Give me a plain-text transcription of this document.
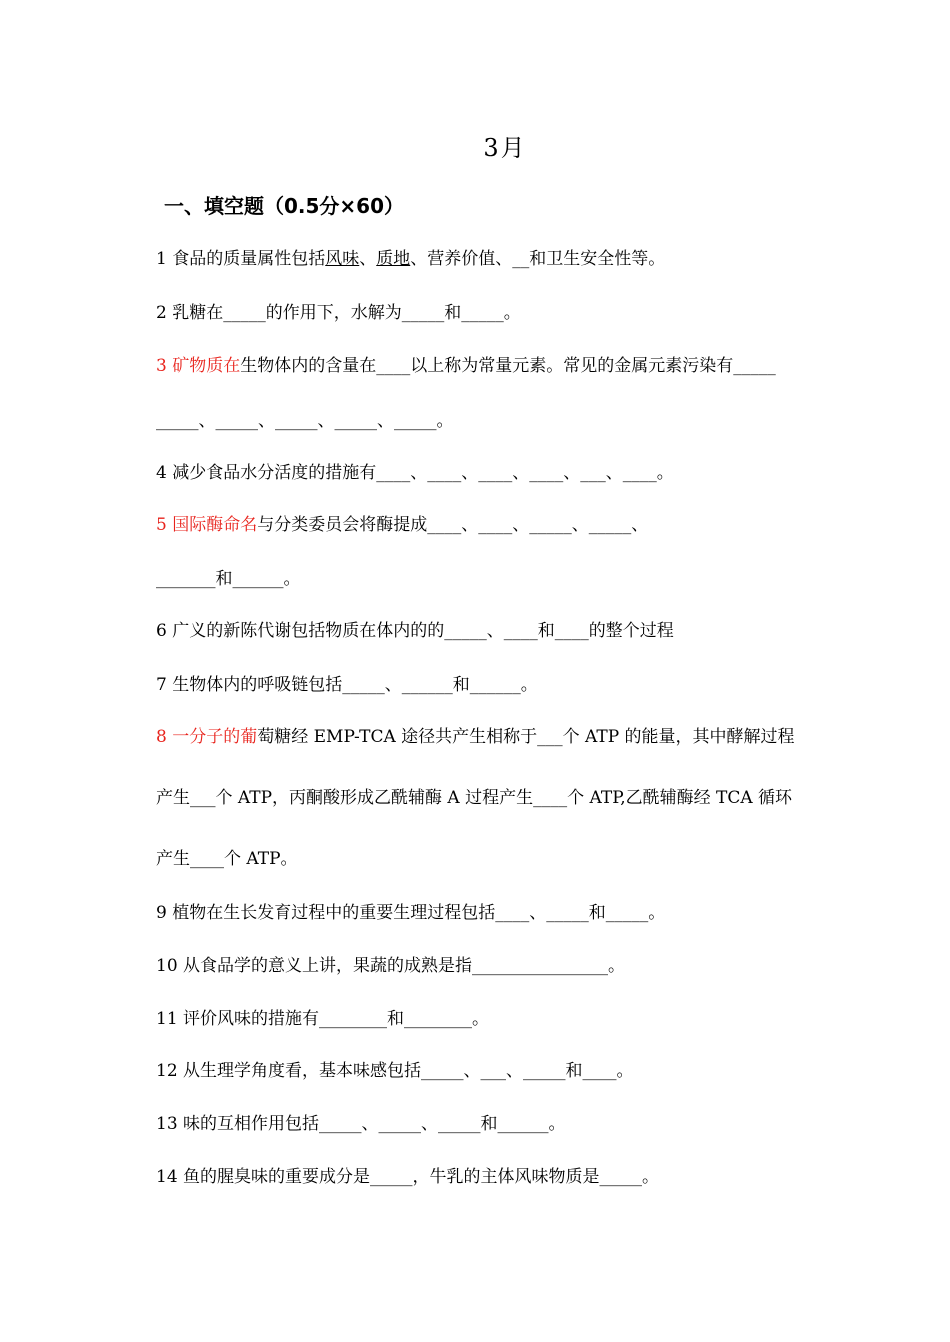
3月
一、填空题（0.5分×60）
1 食品的质量属性包括风味、质地、营养价值、__和卫生安全性等。
2 乳糖在_____的作用下，水解为_____和_____。
3 矿物质在生物体内的含量在____以上称为常量元素。常见的金属元素污染有_____
_____、_____、_____、_____、_____。
4 减少食品水分活度的措施有____、____、____、____、___、____。
5 国际酶命名与分类委员会将酶提成____、____、_____、_____、
_______和______。
6 广义的新陈代谢包括物质在体内的的_____、____和____的整个过程
7 生物体内的呼吸链包括_____、______和______。
8 一分子的葡萄糖经 EMP-TCA 途径共产生相称于___个 ATP 的能量，其中酵解过程
产生___个 ATP，丙酮酸形成乙酰辅酶 A 过程产生____个 ATP,乙酰辅酶经 TCA 循环
产生____个 ATP。
9 植物在生长发育过程中的重要生理过程包括____、_____和_____。
10 从食品学的意义上讲，果蔬的成熟是指________________。
11 评价风味的措施有________和________。
12 从生理学角度看，基本味感包括_____、___、_____和____。
13 味的互相作用包括_____、_____、_____和______。
14 鱼的腥臭味的重要成分是_____，牛乳的主体风味物质是_____。
